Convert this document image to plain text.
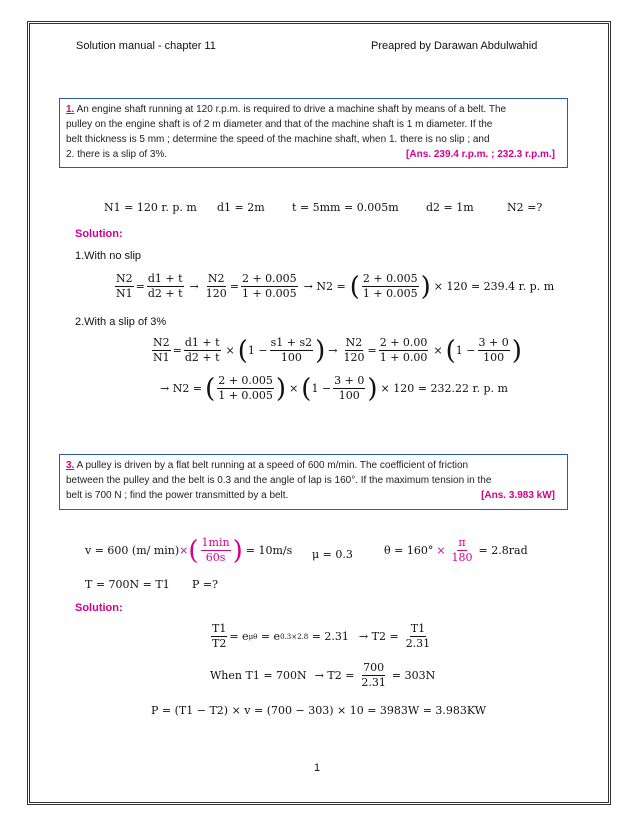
Solution manual - chapter 11	Preapred by Darawan Abdulwahid
1. An engine shaft running at 120 r.p.m. is required to drive a machine shaft by means of a belt. The
pulley on the engine shaft is of 2 m diameter and that of the machine shaft is 1 m diameter. If the
belt thickness is 5 mm ; determine the speed of the machine shaft, when 1. there is no slip ; and
2. there is a slip of 3%.	[Ans. 239.4 r.p.m. ; 232.3 r.p.m.]
N1 = 120 r. p. m d1 = 2m t = 5mm = 0.005m d2 = 1m	N2 =?
Solution:
1.With no slip
$\frac{N2}{N1} = \frac{d1 + t}{d2 + t} \to \frac{N2}{120} = \frac{2 + 0.005}{1 + 0.005} \to N2$ = ( $\frac{2 + 0.005}{1 + 0.005}$ ) × 120 = 239.4 r. p. m
2.With a slip of 3%
$\frac{N2}{N1} = \frac{d1 + t}{d2 + t}$ × ( $1 - \frac{s1 + s2}{100}$ ) → $\frac{N2}{120} = \frac{2 + 0.00}{1 + 0.00}$ × ( $1 - \frac{3 + 0}{100}$ )
→ N2 = ( $\frac{2 + 0.005}{1 + 0.005}$ ) × ( $1 - \frac{3 + 0}{100}$ ) × 120 = 232.22 r. p. m
3. A pulley is driven by a flat belt running at a speed of 600 m/min. The coefficient of friction
between the pulley and the belt is 0.3 and the angle of lap is 160°. If the maximum tension in the
belt is 700 N ; find the power transmitted by a belt.	[Ans. 3.983 kW]
v = 600 (m/ min) × ( $\frac{1\min}{60s}$ ) = 10m/s μ = 0.3	$\theta = 160^\circ \times \frac{\pi}{180} = 2.8rad$
T = 700N = T1 P =?
Solution:
$\frac{T1}{T2} = e$ μθ = e $0.3\times 2.8 = 2.31 \to T2 = \frac{T1}{2.31}$
When $T1 = 700N \to T2 = \frac{700}{2.31} = 303N$
P = (T1 − T2) × v = (700 − 303) × 10 = 3983W = 3.983KW
1
